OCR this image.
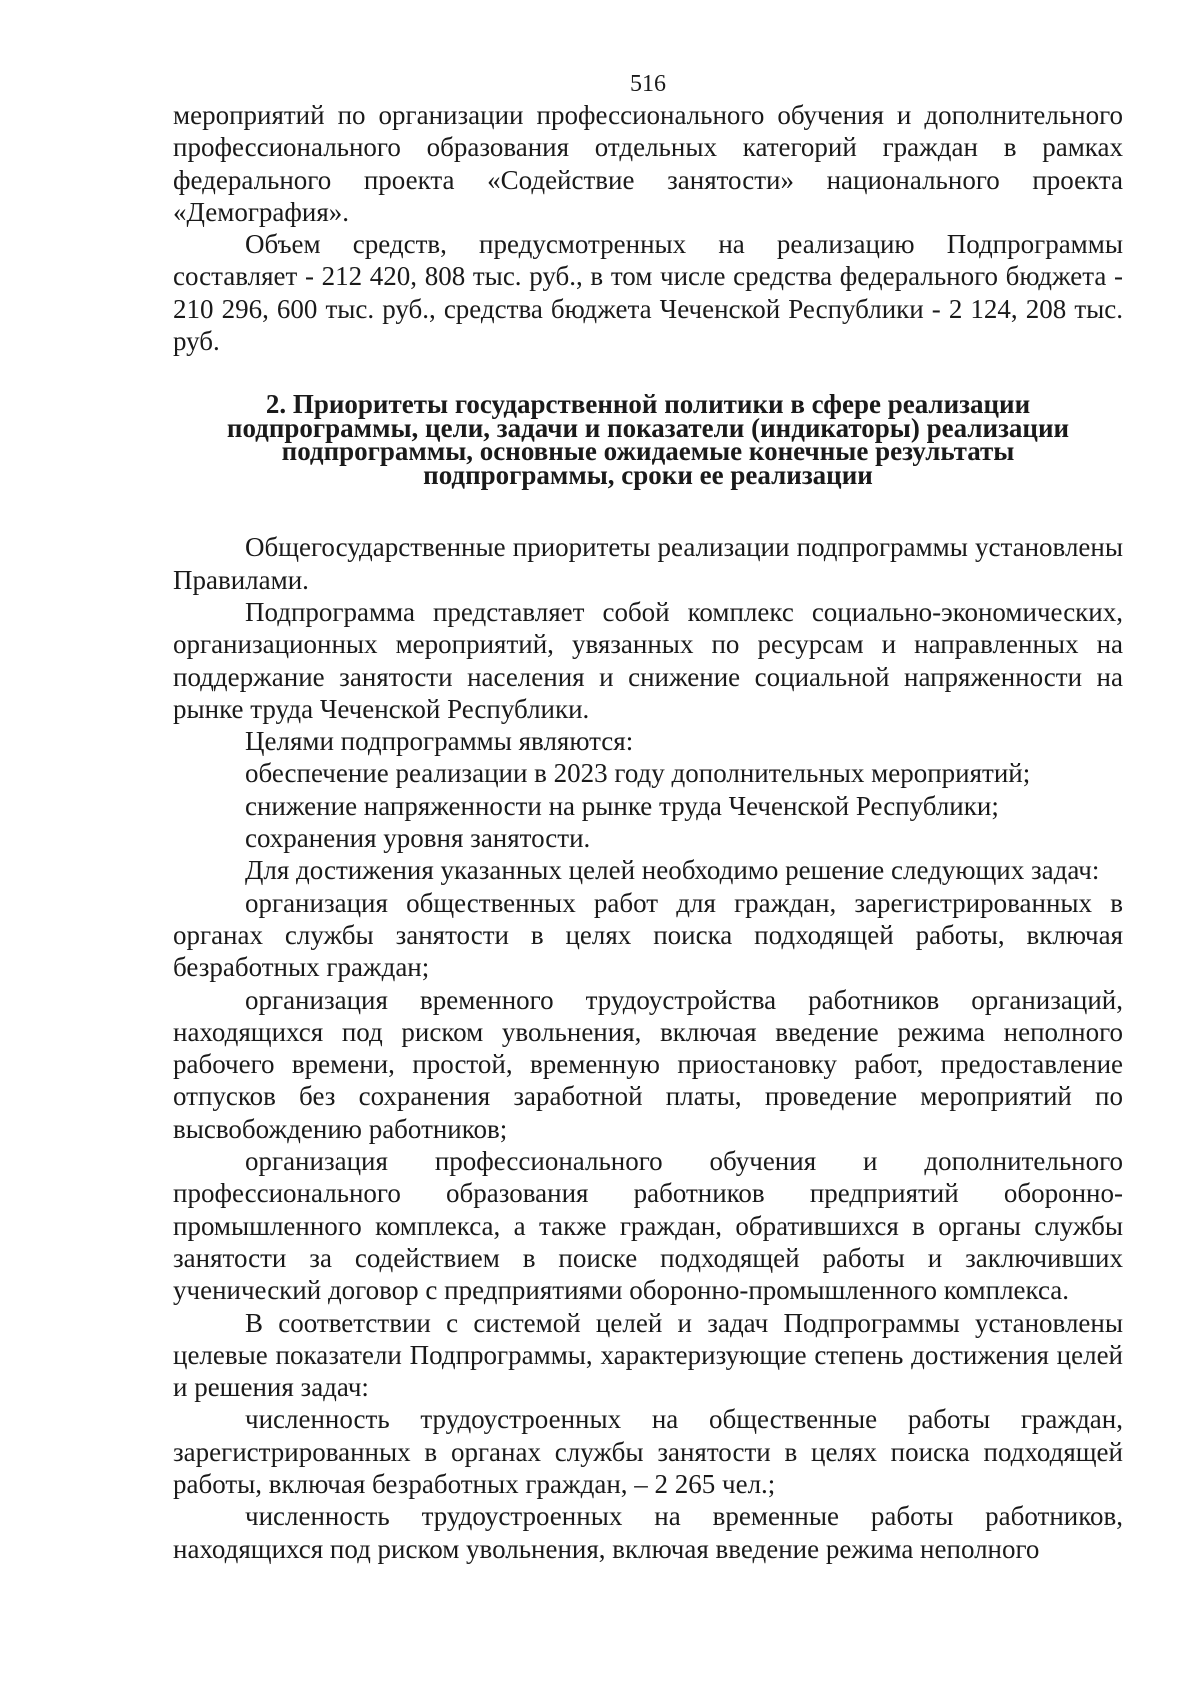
516

мероприятий по организации профессионального обучения и дополнительного профессионального образования отдельных категорий граждан в рамках федерального проекта «Содействие занятости» национального проекта «Демография».

Объем средств, предусмотренных на реализацию Подпрограммы составляет - 212 420, 808 тыс. руб., в том числе средства федерального бюджета - 210 296, 600 тыс. руб., средства бюджета Чеченской Республики - 2 124, 208 тыс. руб.

2. Приоритеты государственной политики в сфере реализации
подпрограммы, цели, задачи и показатели (индикаторы) реализации
подпрограммы, основные ожидаемые конечные результаты
подпрограммы, сроки ее реализации

Общегосударственные приоритеты реализации подпрограммы установлены Правилами.

Подпрограмма представляет собой комплекс социально-экономических, организационных мероприятий, увязанных по ресурсам и направленных на поддержание занятости населения и снижение социальной напряженности на рынке труда Чеченской Республики.

Целями подпрограммы являются:

обеспечение реализации в 2023 году дополнительных мероприятий;

снижение напряженности на рынке труда Чеченской Республики;

сохранения уровня занятости.

Для достижения указанных целей необходимо решение следующих задач:

организация общественных работ для граждан, зарегистрированных в органах службы занятости в целях поиска подходящей работы, включая безработных граждан;

организация временного трудоустройства работников организаций, находящихся под риском увольнения, включая введение режима неполного рабочего времени, простой, временную приостановку работ, предоставление отпусков без сохранения заработной платы, проведение мероприятий по высвобождению работников;

организация профессионального обучения и дополнительного профессионального образования работников предприятий оборонно-промышленного комплекса, а также граждан, обратившихся в органы службы занятости за содействием в поиске подходящей работы и заключивших ученический договор с предприятиями оборонно-промышленного комплекса.

В соответствии с системой целей и задач Подпрограммы установлены целевые показатели Подпрограммы, характеризующие степень достижения целей и решения задач:

численность трудоустроенных на общественные работы граждан, зарегистрированных в органах службы занятости в целях поиска подходящей работы, включая безработных граждан, – 2 265 чел.;

численность трудоустроенных на временные работы работников, находящихся под риском увольнения, включая введение режима неполного
